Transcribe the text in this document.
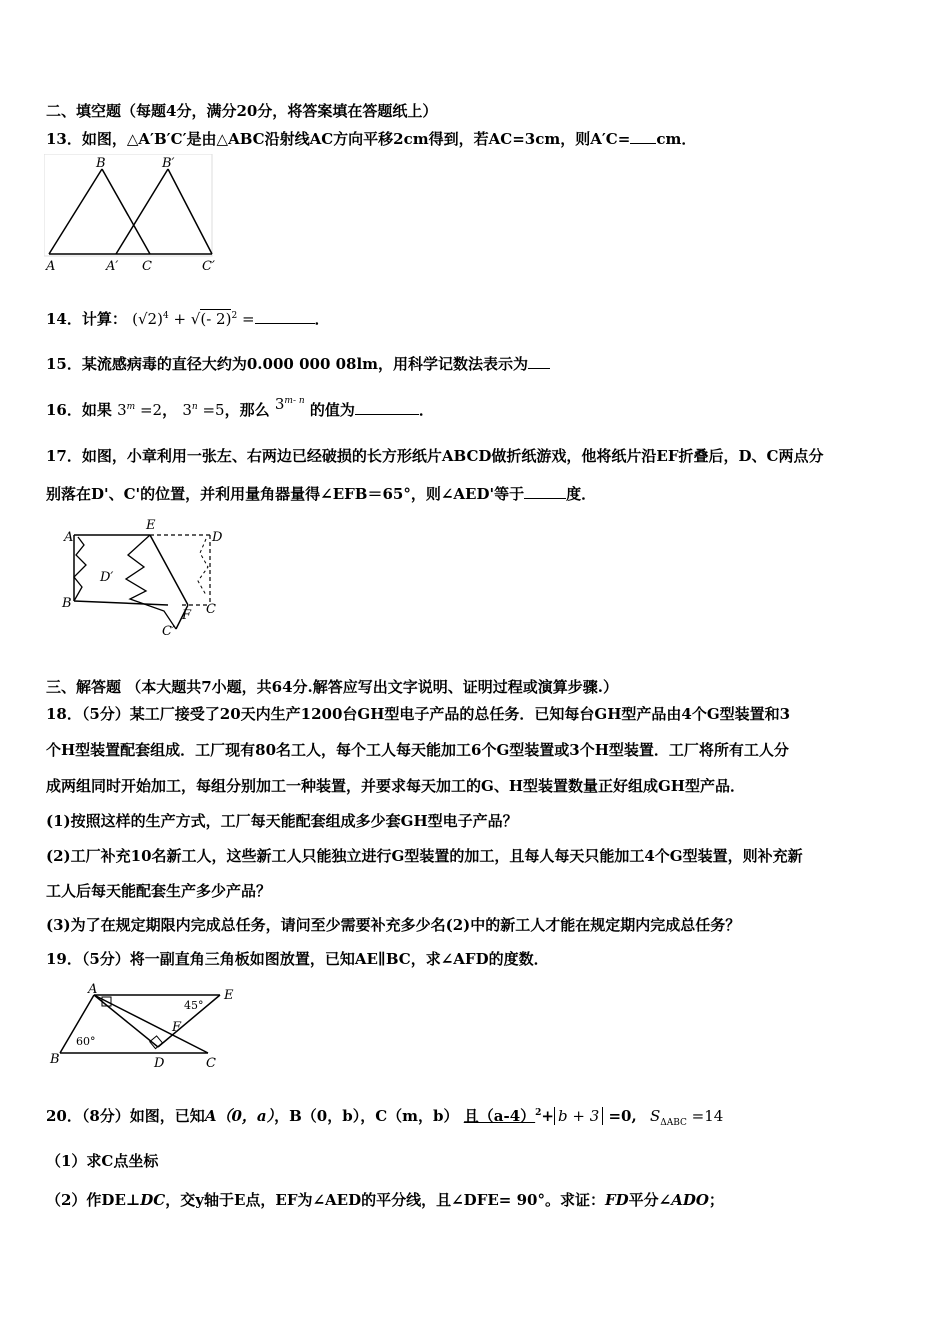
二、填空题（每题4分，满分20分，将答案填在答题纸上）
13．如图，△A′B′C′是由△ABC沿射线AC方向平移2cm得到，若AC=3cm，则A′C= cm．
B	B′
A	A′ C	C′
14．计算： $(√2)^4$ + √(- 2)$^2$ =	．
15．某流感病毒的直径大约为0.000 000 08lm，用科学记数法表示为
16．如果 $3^m =2$， $3^n =5$，那么 3$^{m- n}$ 的值为	．
17．如图，小章利用一张左、右两边已经破损的长方形纸片ABCD做折纸游戏，他将纸片沿EF折叠后，D、C两点分
别落在D'、C'的位置，并利用量角器量得∠EFB＝65°，则∠AED'等于	度．
A
E
D
D′
B
F C
C′
三、解答题 （本大题共7小题，共64分.解答应写出文字说明、证明过程或演算步骤.）
18．（5分）某工厂接受了20天内生产1200台GH型电子产品的总任务．已知每台GH型产品由4个G型装置和3
个H型装置配套组成．工厂现有80名工人，每个工人每天能加工6个G型装置或3个H型装置．工厂将所有工人分
成两组同时开始加工，每组分别加工一种装置，并要求每天加工的G、H型装置数量正好组成GH型产品．
(1)按照这样的生产方式，工厂每天能配套组成多少套GH型电子产品？
(2)工厂补充10名新工人，这些新工人只能独立进行G型装置的加工，且每人每天只能加工4个G型装置，则补充新
工人后每天能配套生产多少产品？
(3)为了在规定期限内完成总任务，请问至少需要补充多少名(2)中的新工人才能在规定期内完成总任务？
19．（5分）将一副直角三角板如图放置，已知AE∥BC，求∠AFD的度数．
A	E
B	C
D
F
45°
60°
20．（8分）如图，已知A（0，a），B（0，b），C（m，b） 且$(a-4)^2+ b + 3 =0$, $S_{\Delta ABC} =14$
（1）求C点坐标
（2）作DE⊥DC，交y轴于E点，EF为∠AED的平分线，且∠DFE= 90°。求证：FD平分∠ADO；
